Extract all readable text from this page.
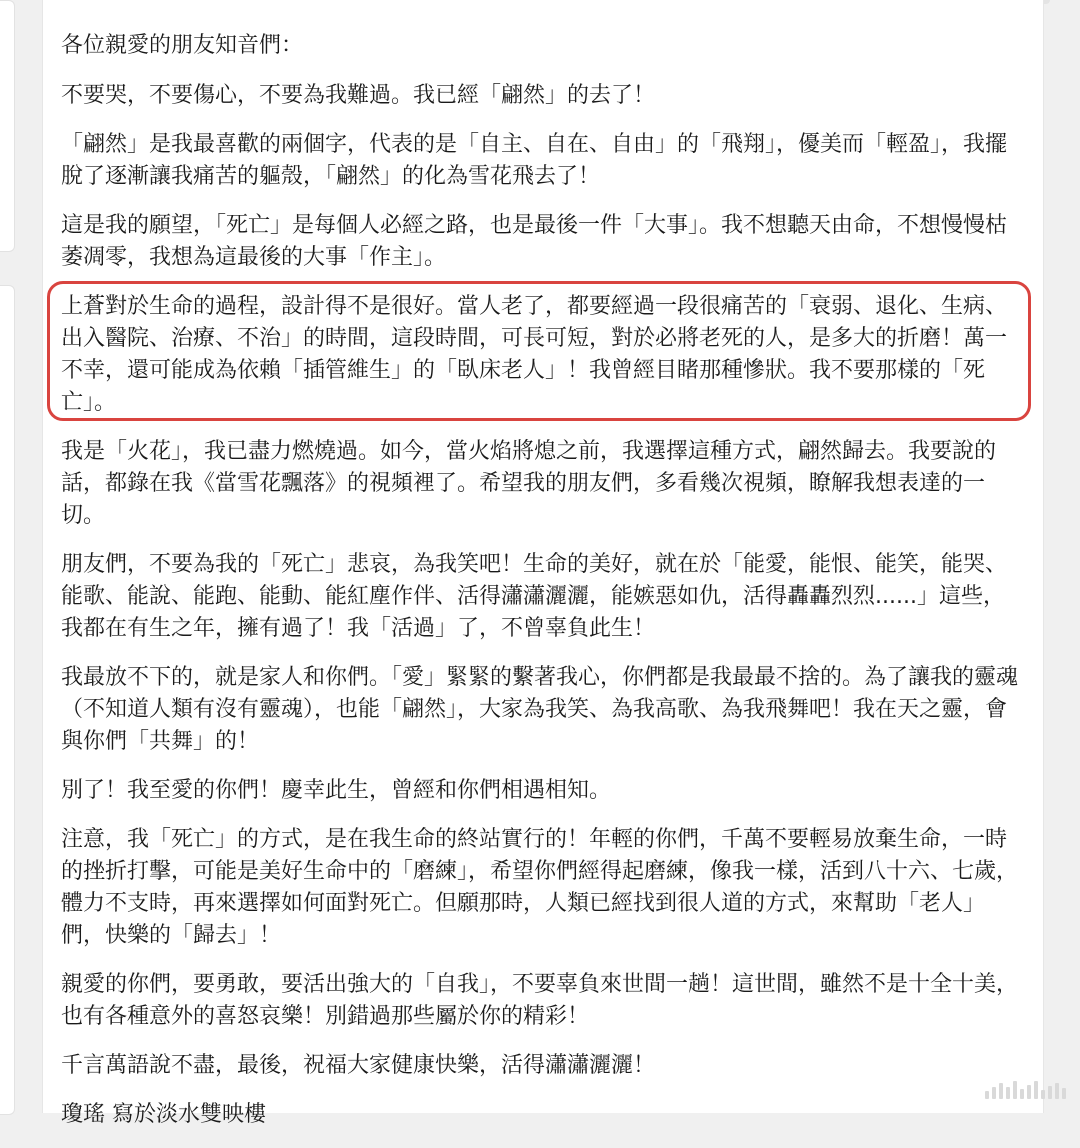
各位親愛的朋友知音們：

不要哭，不要傷心，不要為我難過。我已經「翩然」的去了！

「翩然」是我最喜歡的兩個字，代表的是「自主、自在、自由」的「飛翔」，優美而「輕盈」，我擺脫了逐漸讓我痛苦的軀殼，「翩然」的化為雪花飛去了！

這是我的願望，「死亡」是每個人必經之路，也是最後一件「大事」。我不想聽天由命，不想慢慢枯萎凋零，我想為這最後的大事「作主」。

上蒼對於生命的過程，設計得不是很好。當人老了，都要經過一段很痛苦的「衰弱、退化、生病、出入醫院、治療、不治」的時間，這段時間，可長可短，對於必將老死的人，是多大的折磨！萬一不幸，還可能成為依賴「插管維生」的「臥床老人」！我曾經目睹那種慘狀。我不要那樣的「死亡」。

我是「火花」，我已盡力燃燒過。如今，當火焰將熄之前，我選擇這種方式，翩然歸去。我要說的話，都錄在我《當雪花飄落》的視頻裡了。希望我的朋友們，多看幾次視頻，瞭解我想表達的一切。

朋友們，不要為我的「死亡」悲哀，為我笑吧！生命的美好，就在於「能愛，能恨、能笑，能哭、能歌、能說、能跑、能動、能紅塵作伴、活得瀟瀟灑灑，能嫉惡如仇，活得轟轟烈烈......」這些，我都在有生之年，擁有過了！我「活過」了，不曾辜負此生！

我最放不下的，就是家人和你們。「愛」緊緊的繫著我心，你們都是我最最不捨的。為了讓我的靈魂（不知道人類有沒有靈魂），也能「翩然」，大家為我笑、為我高歌、為我飛舞吧！我在天之靈，會與你們「共舞」的！

別了！我至愛的你們！慶幸此生，曾經和你們相遇相知。

注意，我「死亡」的方式，是在我生命的終站實行的！年輕的你們，千萬不要輕易放棄生命，一時的挫折打擊，可能是美好生命中的「磨練」，希望你們經得起磨練，像我一樣，活到八十六、七歲，體力不支時，再來選擇如何面對死亡。但願那時，人類已經找到很人道的方式，來幫助「老人」們，快樂的「歸去」！

親愛的你們，要勇敢，要活出強大的「自我」，不要辜負來世間一趟！這世間，雖然不是十全十美，也有各種意外的喜怒哀樂！別錯過那些屬於你的精彩！

千言萬語說不盡，最後，祝福大家健康快樂，活得瀟瀟灑灑！

瓊瑤 寫於淡水雙映樓
